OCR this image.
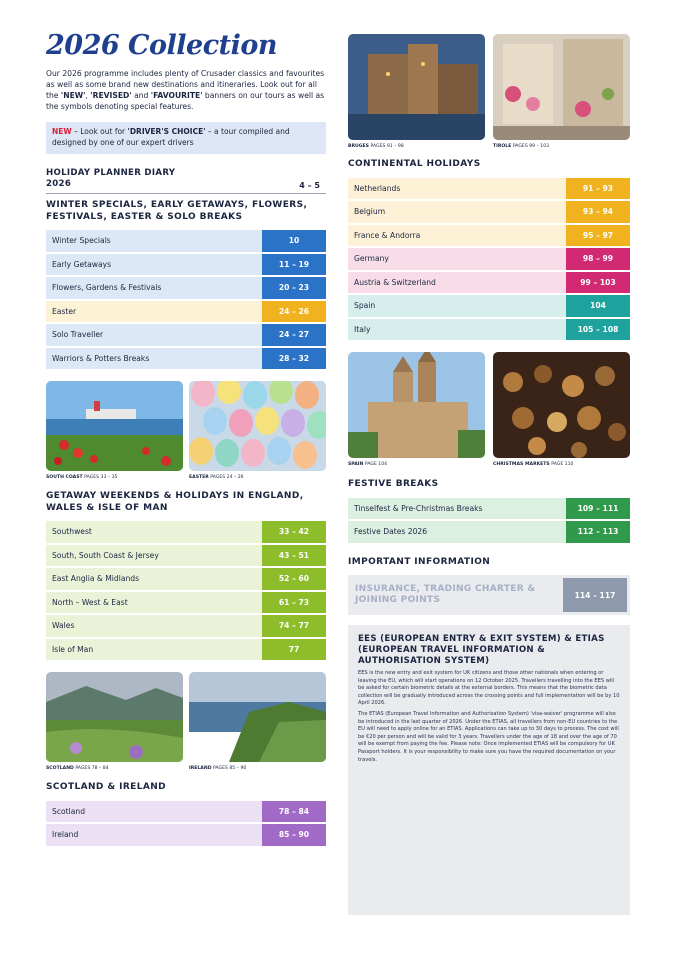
2026 Collection
Our 2026 programme includes plenty of Crusader classics and favourites as well as some brand new destinations and itineraries. Look out for all the 'NEW', 'REVISED' and 'FAVOURITE' banners on our tours as well as the symbols denoting special features.
NEW – Look out for 'DRIVER'S CHOICE' – a tour compiled and designed by one of our expert drivers
HOLIDAY PLANNER DIARY 2026	4 – 5
WINTER SPECIALS, EARLY GETAWAYS, FLOWERS, FESTIVALS, EASTER & SOLO BREAKS
Winter Specials	10
Early Getaways	11 – 19
Flowers, Gardens & Festivals	20 – 23
Easter	24 – 26
Solo Traveller	24 – 27
Warriors & Potters Breaks	28 – 32
SOUTH COAST PAGES 33 – 35	EASTER PAGES 24 – 26
GETAWAY WEEKENDS & HOLIDAYS IN ENGLAND, WALES & ISLE OF MAN
Southwest	33 – 42
South, South Coast & Jersey	43 – 51
East Anglia & Midlands	52 – 60
North – West & East	61 – 73
Wales	74 – 77
Isle of Man	77
SCOTLAND PAGES 78 – 84	IRELAND PAGES 85 – 90
SCOTLAND & IRELAND
Scotland	78 – 84
Ireland	85 – 90
BRUGES PAGES 91 – 98	TIROLE PAGES 99 – 103
CONTINENTAL HOLIDAYS
Netherlands	91 – 93
Belgium	93 – 94
France & Andorra	95 – 97
Germany	98 – 99
Austria & Switzerland	99 – 103
Spain	104
Italy	105 – 108
SPAIN PAGE 104	CHRISTMAS MARKETS PAGE 110
FESTIVE BREAKS
Tinselfest & Pre-Christmas Breaks	109 – 111
Festive Dates 2026	112 – 113
IMPORTANT INFORMATION
INSURANCE, TRADING CHARTER & JOINING POINTS	114 – 117
EES (EUROPEAN ENTRY & EXIT SYSTEM) & ETIAS (EUROPEAN TRAVEL INFORMATION & AUTHORISATION SYSTEM)

EES is the new entry and exit system for UK citizens and those other nationals when entering or leaving the EU, which will start operations on 12 October 2025. Travellers travelling into the EES will be asked for certain biometric details at the external borders. This means that the biometric data collection will be gradually introduced across the crossing points and full implementation will be by 10 April 2026.

The ETIAS (European Travel Information and Authorisation System) 'visa-waiver' programme will also be introduced in the last quarter of 2026. Under the ETIAS, all travellers from non-EU countries to the EU will need to apply online for an ETIAS. Applications can take up to 30 days to process. The cost will be €20 per person and will be valid for 3 years. Travellers under the age of 18 and over the age of 70 will be exempt from paying the fee. Please note: Once implemented ETIAS will be compulsory for UK Passport holders. It is your responsibility to make sure you have the required documentation on your travels.
